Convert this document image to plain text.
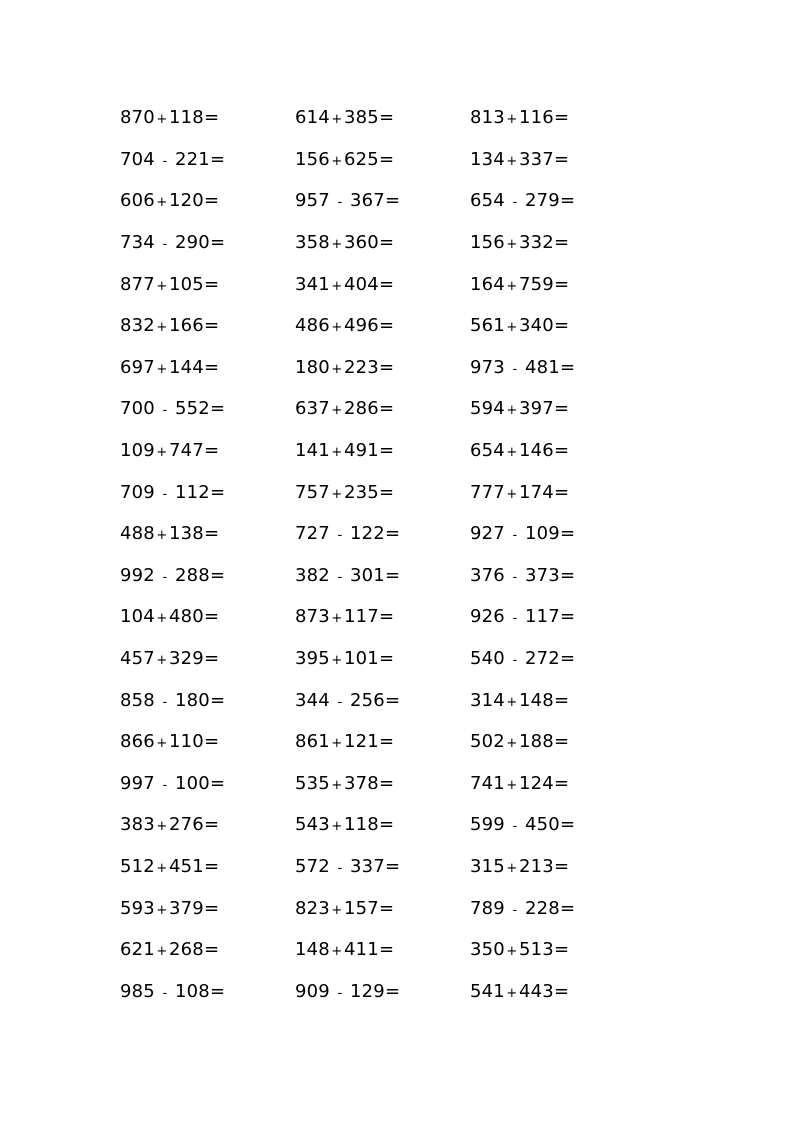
870+118=	614+385=	813+116=
704 - 221=	156+625=	134+337=
606+120=	957 - 367=	654 - 279=
734 - 290=	358+360=	156+332=
877+105=	341+404=	164+759=
832+166=	486+496=	561+340=
697+144=	180+223=	973 - 481=
700 - 552=	637+286=	594+397=
109+747=	141+491=	654+146=
709 - 112=	757+235=	777+174=
488+138=	727 - 122=	927 - 109=
992 - 288=	382 - 301=	376 - 373=
104+480=	873+117=	926 - 117=
457+329=	395+101=	540 - 272=
858 - 180=	344 - 256=	314+148=
866+110=	861+121=	502+188=
997 - 100=	535+378=	741+124=
383+276=	543+118=	599 - 450=
512+451=	572 - 337=	315+213=
593+379=	823+157=	789 - 228=
621+268=	148+411=	350+513=
985 - 108=	909 - 129=	541+443=
